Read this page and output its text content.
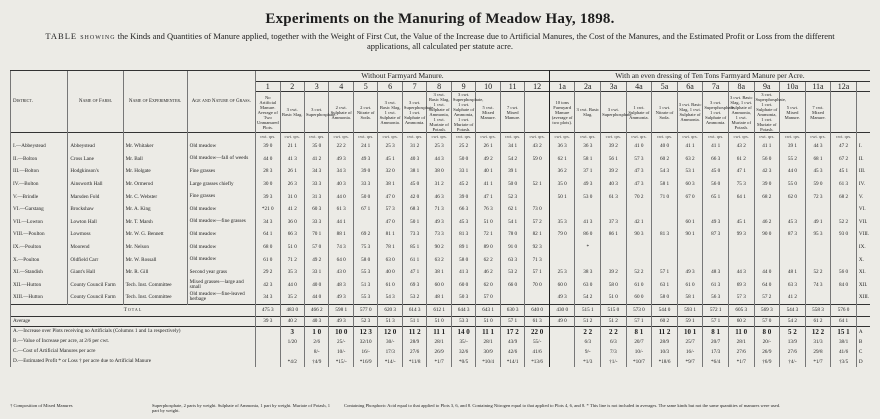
Experiments on the Manuring of Meadow Hay, 1898.
TABLE showing the Kinds and Quantities of Manure applied, together with the Weight of First Cut, the Value of the Increase due to Artificial Manures, the Cost of the Manures, and the Estimated Profit or Loss from the different applications, all calculated per statute acre.
District.	Name of Farm.	Name of Experimenter.	Age and Nature of Grass.	Without Farmyard Manure.												With an even dressing of Ten Tons Farmyard Manure per Acre.												
				1	2	3	4	5	6	7	8	9	10	11	12	1a	2a	3a	4a	5a	6a	7a	8a	9a	10a	11a	12a	
				No Artificial Manure. Average of Two Unmanured Plots.	3 cwt. Basic Slag.	3 cwt. Superphosphate.	2 cwt. Sulphate of Ammonia.	2 cwt. Nitrate of Soda.	3 cwt. Basic Slag, 1 cwt. Sulphate of Ammonia.	3 cwt. Superphosphate, 1 cwt. Sulphate of Ammonia.	3 cwt. Basic Slag, 1 cwt. Sulphate of Ammonia, 1 cwt. Muriate of Potash.	3 cwt. Superphosphate, 1 cwt. Sulphate of Ammonia, 1 cwt. Muriate of Potash.	5 cwt. Mixed Manure.	7 cwt. Mixed Manure.		10 tons Farmyard Manure (average of two plots).	3 cwt. Basic Slag.	3 cwt. Superphosphate.	1 cwt. Sulphate of Ammonia.	1 cwt. Nitrate of Soda.	3 cwt. Basic Slag, 1 cwt. Sulphate of Ammonia.	3 cwt. Superphosphate, 1 cwt. Sulphate of Ammonia.	3 cwt. Basic Slag, 1 cwt. Sulphate of Ammonia, 1 cwt. Muriate of Potash.	3 cwt. Superphosphate, 1 cwt. Sulphate of Ammonia, 1 cwt. Muriate of Potash.	5 cwt. Mixed Manure.	7 cwt. Mixed Manure.		
				cwt. qrs.	cwt. qrs.	cwt. qrs.	cwt. qrs.	cwt. qrs.	cwt. qrs.	cwt. qrs.	cwt. qrs.	cwt. qrs.	cwt. qrs.	cwt. qrs.	cwt. qrs.	cwt. qrs.	cwt. qrs.	cwt. qrs.	cwt. qrs.	cwt. qrs.	cwt. qrs.	cwt. qrs.	cwt. qrs.	cwt. qrs.	cwt. qrs.	cwt. qrs.	cwt. qrs.	
I.—Abbeystead	Abbeystead	Mr. Whitaker	Old meadow	39 0	21 1	35 0	22 2	24 1	25 3	31 2	25 3	25 2	26 1	34 1	43 2	36 3	36 3	39 2	41 0	40 0	41 1	41 1	43 2	41 1	39 1	44 3	47 2	I.
II.—Bolton	Cross Lane	Mr. Ball	Old meadow—fall of weeds	44 0	41 3	41 2	49 3	49 3	45 1	40 3	44 3	50 0	49 2	54 2	59 0	62 1	58 1	56 1	57 3	60 2	63 2	66 3	61 2	56 0	55 2	68 1	67 2	II.
III.—Bolton	Hodgkinson's	Mr. Holgate	Fine grasses	28 3	26 1	34 3	34 3	39 0	32 0	38 1	38 0	33 1	40 1	39 1		36 2	37 1	39 2	47 3	54 3	53 1	45 0	47 1	42 3	44 0	45 3	45 1	III.
IV.—Bolton	Ainsworth Hall	Mr. Ormerod	Large grasses chiefly	30 0	26 3	33 3	40 3	33 3	38 1	45 0	31 2	45 2	41 1	50 0	52 1	35 0	49 3	40 3	47 3	58 1	60 3	56 0	75 3	39 0	55 0	59 0	61 3	IV.
V.—Brindle	Marsden Fold	Mr. C. Webster	Fine grasses	39 3	31 0	31 3	44 0	50 0	47 0	42 0	46 3	39 0	47 1	52 3		50 1	53 0	61 3	70 2	71 0	67 0	65 1	64 1	68 2	62 0	72 3	68 2	V.
VI.—Garstang	Brockshaw	Mr. A. King	Old meadow	*21 0	41 2	60 3	61 3	67 1	57 3	68 3	71 3	66 3	76 3	62 1	73 0													VI.
VII.—Lowton	Lowton Hall	Mr. T. Marsh	Old meadow—fine grasses	34 3	36 0	33 3	44 1		47 0	50 1	49 3	45 3	51 0	54 1	57 2	35 3	41 3	37 3	42 1		60 1	49 3	45 1	46 2	45 3	49 1	52 2	VII.
VIII.—Poulton	Lowmoss	Mr. W. G. Bennett	Old meadow	64 1	66 3	70 1	88 1	69 2	81 1	73 3	73 3	81 3	72 1	78 0	82 1	79 0	86 0	86 1	90 3	81 3	90 1	87 3	99 3	90 0	87 3	95 3	93 0	VIII.
IX.—Poulton	Moorend	Mr. Nelson	Old meadow	68 0	51 0	57 0	74 3	75 3	78 1	85 1	90 2	89 1	89 0	91 0	92 3		*											IX.
X.—Poulton	Oldfield Carr	Mr. W. Rossall	Old meadow	61 0	71 2	49 2	64 0	58 0	63 0	61 1	63 2	58 0	62 2	63 3	71 3													X.
XI.—Standish	Giant's Hall	Mr. R. Gill	Second year grass	29 2	35 3	33 1	43 0	55 3	40 0	47 1	38 1	41 3	46 2	53 2	57 1	25 3	38 3	39 2	52 2	57 1	49 3	48 3	44 3	44 0	48 1	52 2	56 0	XI.
XII.—Hutton	County Council Farm	Tech. Inst. Committee	Mixed grasses—large and small	42 3	44 0	40 0	48 3	51 3	61 0	69 3	60 0	60 0	62 0	66 0	70 0	60 0	63 0	58 0	61 0	63 1	61 0	61 3	69 3	64 0	63 3	74 3	84 0	XII.
XIII.—Hutton	County Council Farm	Tech. Inst. Committee	Old meadow—fine-leaved herbage	34 3	35 2	44 0	49 3	55 3	54 3	53 2	48 1	50 3	57 0			49 3	54 2	51 0	60 0	58 0	58 1	56 3	57 3	57 2	41 2			XIII.
Total				475 3	483 0	466 2	598 1	577 0	620 3	614 3	612 1	644 3	643 1	630 3	640 0	430 0	515 1	515 0	573 0	544 0	593 1	572 1	605 3	569 3	544 3	558 3	576 0	
Average				39 3	40 2	40 3	49 3	52 3	51 3	51 1	51 0	53 3	51 0	57 1	61 3	49 0	51 2	51 2	57 1	60 2	59 1	57 1	60 2	57 0	54 2	61 2	64 1	
A.—Increase over Plots receiving no Artificials (Columns 1 and 1a respectively)					3	1 0	10 0	12 3	12 0	11 2	11 1	14 0	11 1	17 2	22 0		2 2	2 2	8 1	11 2	10 1	8 1	11 0	8 0	5 2	12 2	15 1	A
B.—Value of Increase per acre, at 2/6 per cwt.					1/20	2/6	25/-	32/10	30/-	28/9	28/1	35/-	28/1	43/9	55/-		6/3	6/3	20/7	28/9	25/7	20/7	28/1	20/-	13/9	31/3	38/1	B
C.—Cost of Artificial Manures per acre						8/-	10/-	16/-	17/3	27/6	26/9	32/6	30/9	42/6	41/6		9/-	7/3	10/-	10/3	16/-	17/3	27/6	26/9	27/6	29/8	41/6	C
D.—Estimated Profit * or Loss † per acre due to Artificial Manure					*4/2	†4/9	*15/-	*16/9	*14/-	*11/8	*1/7	*0/5	*10/4	*14/1	*13/6		*1/3	†1/-	*10/7	*18/6	*9/7	*6/4	*1/7	†6/9	†4/-	*1/7	†3/5	D
† Composition of Mixed Manures	Superphosphate, 2 parts by weight. Sulphate of Ammonia, 1 part by weight. Muriate of Potash, 1 part by weight.
Containing Phosphoric Acid equal to that applied to Plots 3, 6, and 8. Containing Nitrogen equal to that applied to Plots 4, 6, and 8. * This line is not included in averages. The same kinds but not the same quantities of manures were used.
